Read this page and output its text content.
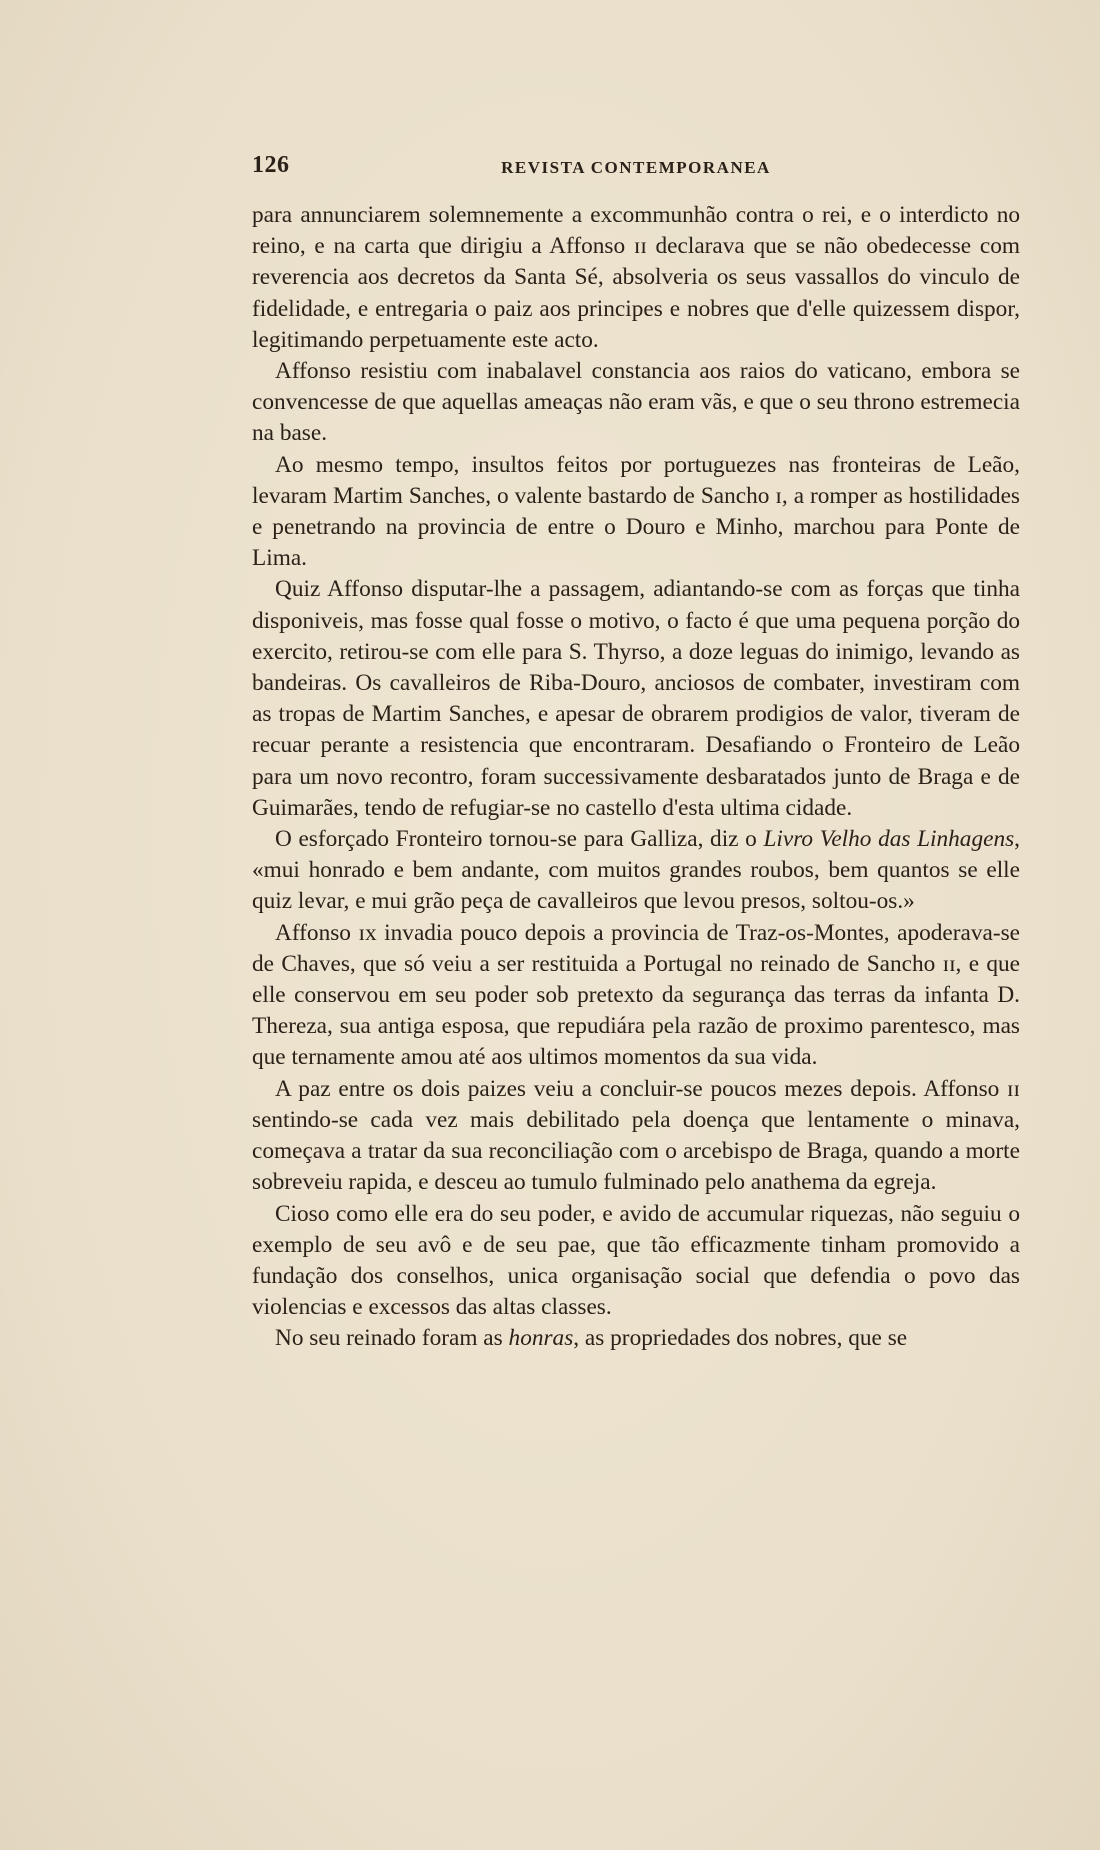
126	REVISTA CONTEMPORANEA

para annunciarem solemnemente a excommunhão contra o rei, e o interdicto no reino, e na carta que dirigiu a Affonso ɪɪ declarava que se não obedecesse com reverencia aos decretos da Santa Sé, absolveria os seus vassallos do vinculo de fidelidade, e entregaria o paiz aos principes e nobres que d'elle quizessem dispor, legitimando perpetuamente este acto.

Affonso resistiu com inabalavel constancia aos raios do vaticano, embora se convencesse de que aquellas ameaças não eram vãs, e que o seu throno estremecia na base.

Ao mesmo tempo, insultos feitos por portuguezes nas fronteiras de Leão, levaram Martim Sanches, o valente bastardo de Sancho ɪ, a romper as hostilidades e penetrando na provincia de entre o Douro e Minho, marchou para Ponte de Lima.

Quiz Affonso disputar-lhe a passagem, adiantando-se com as forças que tinha disponiveis, mas fosse qual fosse o motivo, o facto é que uma pequena porção do exercito, retirou-se com elle para S. Thyrso, a doze leguas do inimigo, levando as bandeiras. Os cavalleiros de Riba-Douro, anciosos de combater, investiram com as tropas de Martim Sanches, e apesar de obrarem prodigios de valor, tiveram de recuar perante a resistencia que encontraram. Desafiando o Fronteiro de Leão para um novo recontro, foram successivamente desbaratados junto de Braga e de Guimarães, tendo de refugiar-se no castello d'esta ultima cidade.

O esforçado Fronteiro tornou-se para Galliza, diz o Livro Velho das Linhagens, «mui honrado e bem andante, com muitos grandes roubos, bem quantos se elle quiz levar, e mui grão peça de cavalleiros que levou presos, soltou-os.»

Affonso ɪx invadia pouco depois a provincia de Traz-os-Montes, apoderava-se de Chaves, que só veiu a ser restituida a Portugal no reinado de Sancho ɪɪ, e que elle conservou em seu poder sob pretexto da segurança das terras da infanta D. Thereza, sua antiga esposa, que repudiára pela razão de proximo parentesco, mas que ternamente amou até aos ultimos momentos da sua vida.

A paz entre os dois paizes veiu a concluir-se poucos mezes depois. Affonso ɪɪ sentindo-se cada vez mais debilitado pela doença que lentamente o minava, começava a tratar da sua reconciliação com o arcebispo de Braga, quando a morte sobreveiu rapida, e desceu ao tumulo fulminado pelo anathema da egreja.

Cioso como elle era do seu poder, e avido de accumular riquezas, não seguiu o exemplo de seu avô e de seu pae, que tão efficazmente tinham promovido a fundação dos conselhos, unica organisação social que defendia o povo das violencias e excessos das altas classes.

No seu reinado foram as honras, as propriedades dos nobres, que se
